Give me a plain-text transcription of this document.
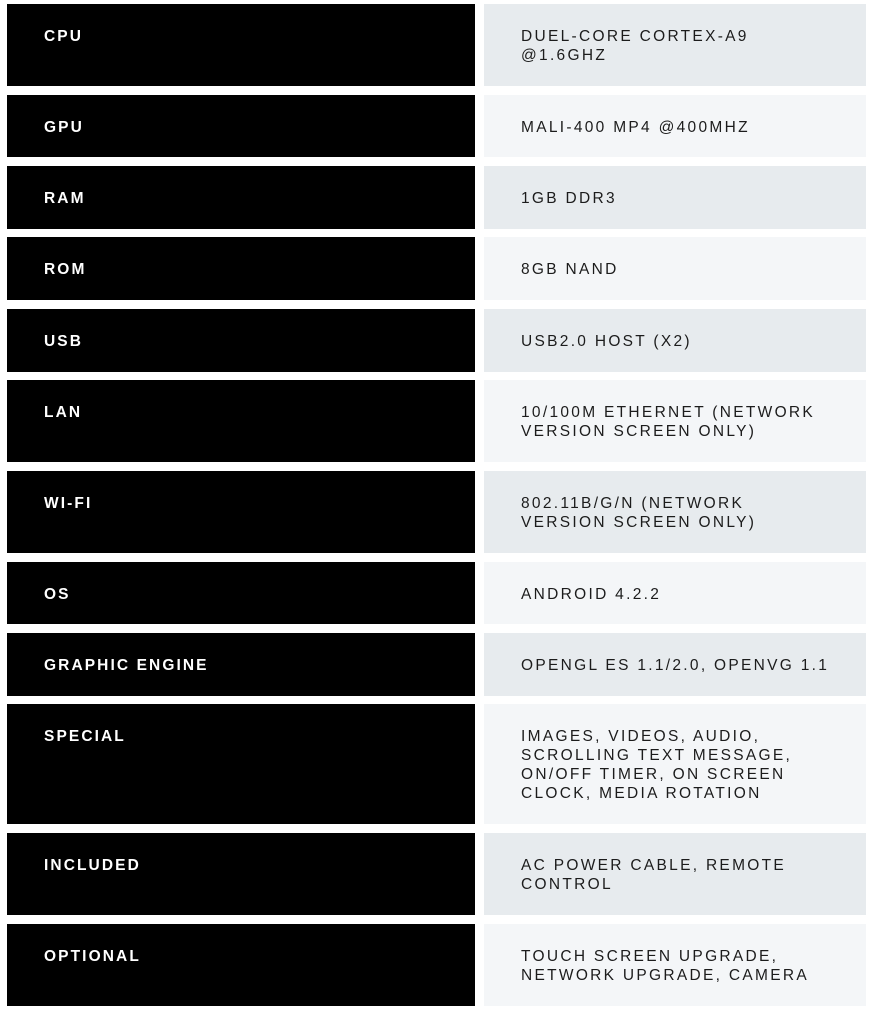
CPU	DUEL-CORE CORTEX-A9
@1.6GHZ
GPU	MALI-400 MP4 @400MHZ
RAM	1GB DDR3
ROM	8GB NAND
USB	USB2.0 HOST (X2)
LAN	10/100M ETHERNET (NETWORK
VERSION SCREEN ONLY)
WI-FI	802.11B/G/N (NETWORK
VERSION SCREEN ONLY)
OS	ANDROID 4.2.2
GRAPHIC ENGINE	OPENGL ES 1.1/2.0, OPENVG 1.1
SPECIAL	IMAGES, VIDEOS, AUDIO,
SCROLLING TEXT MESSAGE,
ON/OFF TIMER, ON SCREEN
CLOCK, MEDIA ROTATION
INCLUDED	AC POWER CABLE, REMOTE
CONTROL
OPTIONAL	TOUCH SCREEN UPGRADE,
NETWORK UPGRADE, CAMERA
